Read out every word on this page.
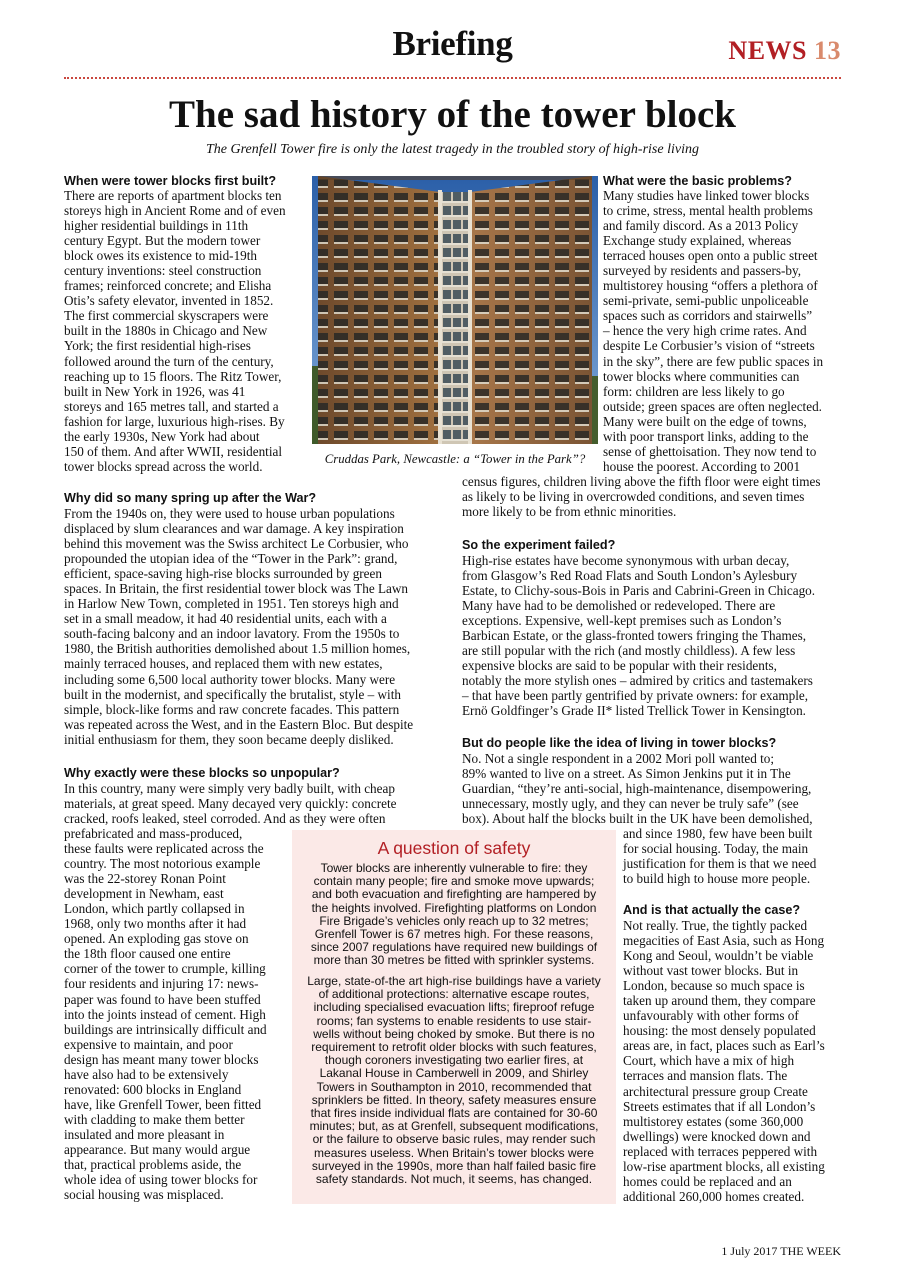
Briefing	NEWS 13
The sad history of the tower block
The Grenfell Tower fire is only the latest tragedy in the troubled story of high-rise living
Cruddas Park, Newcastle: a “Tower in the Park”?
When were tower blocks first built?
There are reports of apartment blocks ten
storeys high in Ancient Rome and of even
higher residential buildings in 11th
century Egypt. But the modern tower
block owes its existence to mid-19th
century inventions: steel construction
frames; reinforced concrete; and Elisha
Otis’s safety elevator, invented in 1852.
The first commercial skyscrapers were
built in the 1880s in Chicago and New
York; the first residential high-rises
followed around the turn of the century,
reaching up to 15 floors. The Ritz Tower,
built in New York in 1926, was 41
storeys and 165 metres tall, and started a
fashion for large, luxurious high-rises. By
the early 1930s, New York had about
150 of them. And after WWII, residential
tower blocks spread across the world.
Why did so many spring up after the War?
From the 1940s on, they were used to house urban populations
displaced by slum clearances and war damage. A key inspiration
behind this movement was the Swiss architect Le Corbusier, who
propounded the utopian idea of the “Tower in the Park”: grand,
efficient, space-saving high-rise blocks surrounded by green
spaces. In Britain, the first residential tower block was The Lawn
in Harlow New Town, completed in 1951. Ten storeys high and
set in a small meadow, it had 40 residential units, each with a
south-facing balcony and an indoor lavatory. From the 1950s to
1980, the British authorities demolished about 1.5 million homes,
mainly terraced houses, and replaced them with new estates,
including some 6,500 local authority tower blocks. Many were
built in the modernist, and specifically the brutalist, style – with
simple, block-like forms and raw concrete facades. This pattern
was repeated across the West, and in the Eastern Bloc. But despite
initial enthusiasm for them, they soon became deeply disliked.
Why exactly were these blocks so unpopular?
In this country, many were simply very badly built, with cheap
materials, at great speed. Many decayed very quickly: concrete
cracked, roofs leaked, steel corroded. And as they were often
prefabricated and mass-produced,
these faults were replicated across the
country. The most notorious example
was the 22-storey Ronan Point
development in Newham, east
London, which partly collapsed in
1968, only two months after it had
opened. An exploding gas stove on
the 18th floor caused one entire
corner of the tower to crumple, killing
four residents and injuring 17: news-
paper was found to have been stuffed
into the joints instead of cement. High
buildings are intrinsically difficult and
expensive to maintain, and poor
design has meant many tower blocks
have also had to be extensively
renovated: 600 blocks in England
have, like Grenfell Tower, been fitted
with cladding to make them better
insulated and more pleasant in
appearance. But many would argue
that, practical problems aside, the
whole idea of using tower blocks for
social housing was misplaced.
What were the basic problems?
Many studies have linked tower blocks
to crime, stress, mental health problems
and family discord. As a 2013 Policy
Exchange study explained, whereas
terraced houses open onto a public street
surveyed by residents and passers-by,
multistorey housing “offers a plethora of
semi-private, semi-public unpoliceable
spaces such as corridors and stairwells”
– hence the very high crime rates. And
despite Le Corbusier’s vision of “streets
in the sky”, there are few public spaces in
tower blocks where communities can
form: children are less likely to go
outside; green spaces are often neglected.
Many were built on the edge of towns,
with poor transport links, adding to the
sense of ghettoisation. They now tend to
house the poorest. According to 2001
census figures, children living above the fifth floor were eight times
as likely to be living in overcrowded conditions, and seven times
more likely to be from ethnic minorities.
So the experiment failed?
High-rise estates have become synonymous with urban decay,
from Glasgow’s Red Road Flats and South London’s Aylesbury
Estate, to Clichy-sous-Bois in Paris and Cabrini-Green in Chicago.
Many have had to be demolished or redeveloped. There are
exceptions. Expensive, well-kept premises such as London’s
Barbican Estate, or the glass-fronted towers fringing the Thames,
are still popular with the rich (and mostly childless). A few less
expensive blocks are said to be popular with their residents,
notably the more stylish ones – admired by critics and tastemakers
– that have been partly gentrified by private owners: for example,
Ernö Goldfinger’s Grade II* listed Trellick Tower in Kensington.
But do people like the idea of living in tower blocks?
No. Not a single respondent in a 2002 Mori poll wanted to;
89% wanted to live on a street. As Simon Jenkins put it in The
Guardian, “they’re anti-social, high-maintenance, disempowering,
unnecessary, mostly ugly, and they can never be truly safe” (see
box). About half the blocks built in the UK have been demolished,
and since 1980, few have been built
for social housing. Today, the main
justification for them is that we need
to build high to house more people.
And is that actually the case?
Not really. True, the tightly packed
megacities of East Asia, such as Hong
Kong and Seoul, wouldn’t be viable
without vast tower blocks. But in
London, because so much space is
taken up around them, they compare
unfavourably with other forms of
housing: the most densely populated
areas are, in fact, places such as Earl’s
Court, which have a mix of high
terraces and mansion flats. The
architectural pressure group Create
Streets estimates that if all London’s
multistorey estates (some 360,000
dwellings) were knocked down and
replaced with terraces peppered with
low-rise apartment blocks, all existing
homes could be replaced and an
additional 260,000 homes created.
A question of safety
Tower blocks are inherently vulnerable to fire: they
contain many people; fire and smoke move upwards;
and both evacuation and firefighting are hampered by
the heights involved. Firefighting platforms on London
Fire Brigade’s vehicles only reach up to 32 metres;
Grenfell Tower is 67 metres high. For these reasons,
since 2007 regulations have required new buildings of
more than 30 metres be fitted with sprinkler systems.
Large, state-of-the art high-rise buildings have a variety
of additional protections: alternative escape routes,
including specialised evacuation lifts; fireproof refuge
rooms; fan systems to enable residents to use stair-
wells without being choked by smoke. But there is no
requirement to retrofit older blocks with such features,
though coroners investigating two earlier fires, at
Lakanal House in Camberwell in 2009, and Shirley
Towers in Southampton in 2010, recommended that
sprinklers be fitted. In theory, safety measures ensure
that fires inside individual flats are contained for 30-60
minutes; but, as at Grenfell, subsequent modifications,
or the failure to observe basic rules, may render such
measures useless. When Britain’s tower blocks were
surveyed in the 1990s, more than half failed basic fire
safety standards. Not much, it seems, has changed.
1 July 2017 THE WEEK
